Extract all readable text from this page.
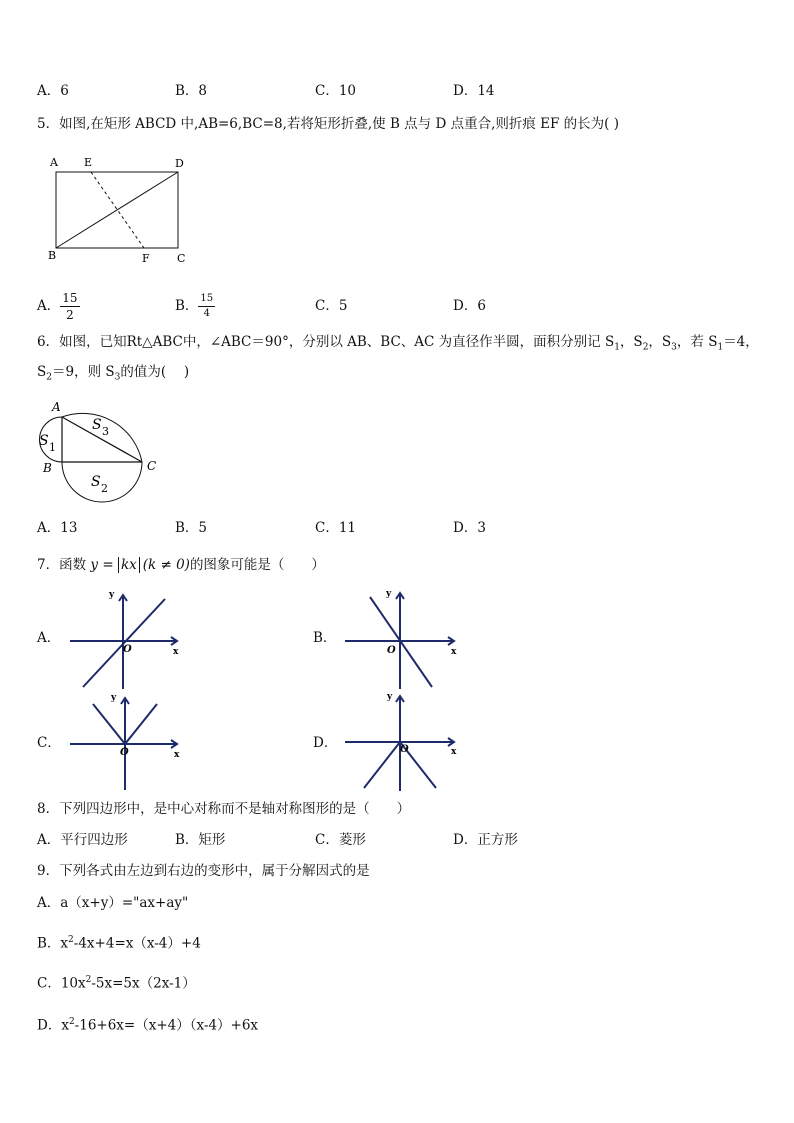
A．6	B．8	C．10	D．14
5．如图,在矩形 ABCD 中,AB=6,BC=8,若将矩形折叠,使 B 点与 D 点重合,则折痕 EF 的长为( )
A E	D
B	F C
A． $\frac{15}{2}$	B． $\frac{15}{4}$	C．5	D．6
6．如图，已知Rt△ABC中，∠ABC＝90°，分别以 AB、BC、AC 为直径作半圆，面积分别记 $S_1$，$S_2$，$S_3$，若 $S_1=4$，
$S_2=9$，则 $S_3$的值为(　 )
A
B	C
S 1
S 3
S 2
A．13	B．5	C．11	D．3
7．函数 y = kx (k ≠ 0)的图象可能是（　　）
A．
y
x
O
B．
y
x
O
C．
y
x
O
D．
y
x
O
8．下列四边形中，是中心对称而不是轴对称图形的是（　　）
A．平行四边形	B．矩形	C．菱形	D．正方形
9．下列各式由左边到右边的变形中，属于分解因式的是
A．a（x+y）="ax+ay"
B．$x^2-4x+4=x(x-4)+4$
C．$10x^2-5x=5x(2x-1)$
D．$x^2-16+6x=(x+4)(x-4)+6x$
